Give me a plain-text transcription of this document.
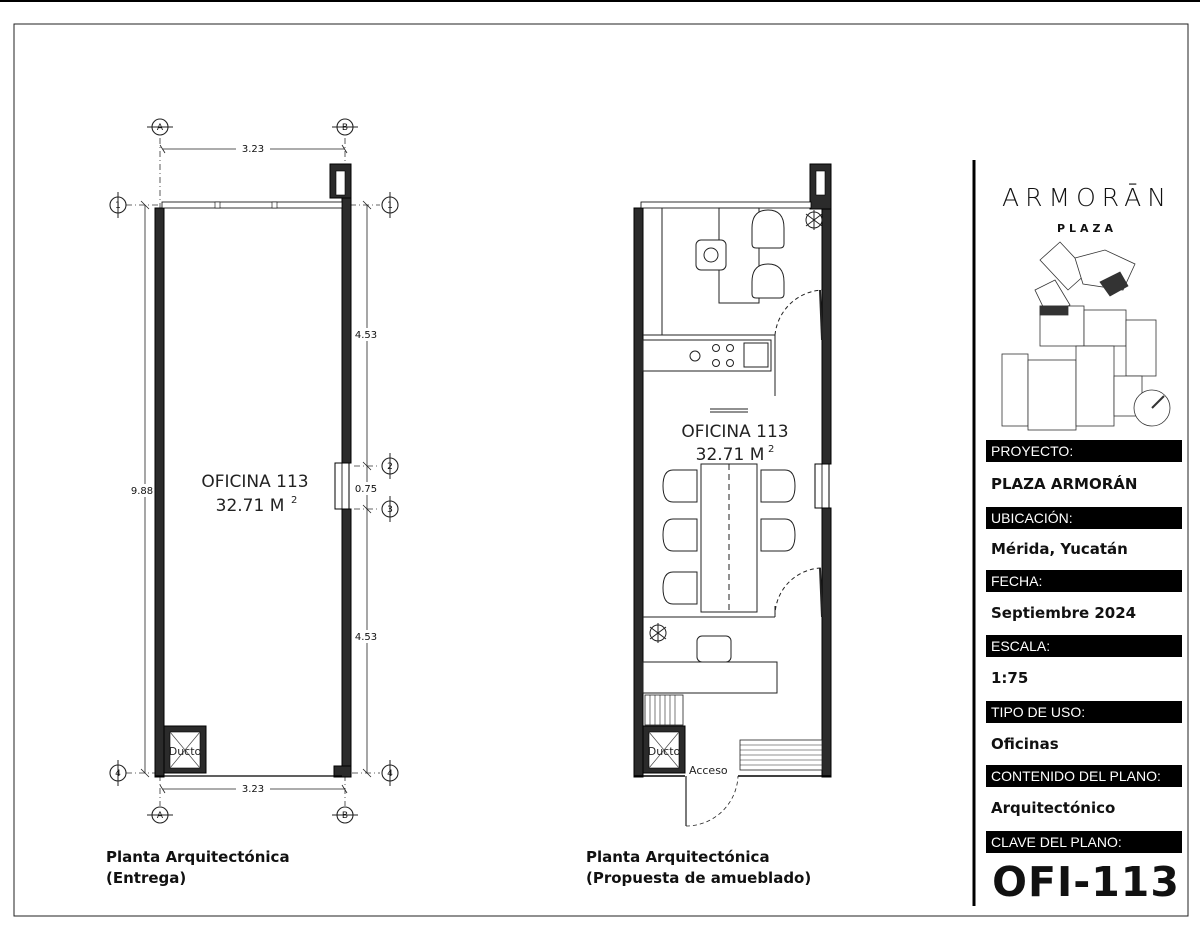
A	B
A	B
1	1
4	4
2
3
3.23
3.23
9.88
4.53
0.75
4.53
Ducto
OFICINA 113
32.71 M 2
OFICINA 113
32.71 M 2
Ducto
Acceso
Planta Arquitectónica
(Entrega)
Planta Arquitectónica
(Propuesta de amueblado)
ARMORĀN
PLAZA
PROYECTO:
PLAZA ARMORÁN
UBICACIÓN:
Mérida, Yucatán
FECHA:
Septiembre 2024
ESCALA:
1:75
TIPO DE USO:
Oficinas
CONTENIDO DEL PLANO:
Arquitectónico
CLAVE DEL PLANO:
OFI-113
